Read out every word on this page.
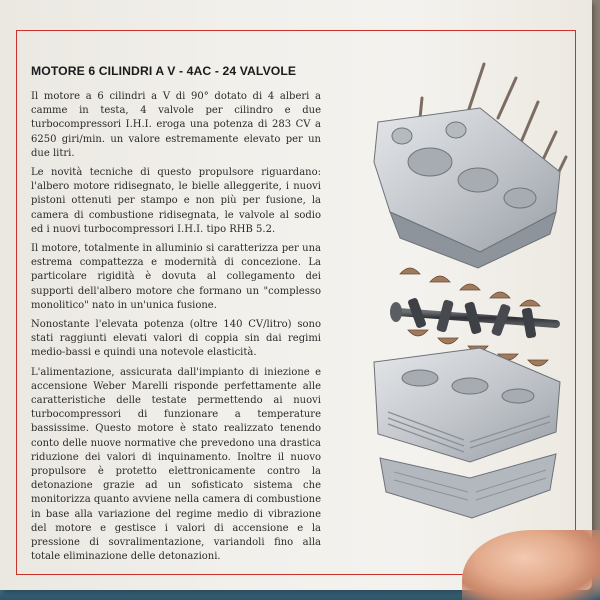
MOTORE 6 CILINDRI A V - 4AC - 24 VALVOLE

Il motore a 6 cilindri a V di 90° dotato di 4 alberi a camme in testa, 4 valvole per cilindro e due turbocompressori I.H.I. eroga una potenza di 283 CV a 6250 giri/min. un valore estremamente elevato per un due litri.

Le novità tecniche di questo propulsore riguardano: l'albero motore ridisegnato, le bielle alleggerite, i nuovi pistoni ottenuti per stampo e non più per fusione, la camera di combustione ridisegnata, le valvole al sodio ed i nuovi turbocompressori I.H.I. tipo RHB 5.2.

Il motore, totalmente in alluminio si caratterizza per una estrema compattezza e modernità di concezione. La particolare rigidità è dovuta al collegamento dei supporti dell'albero motore che formano un "complesso monolitico" nato in un'unica fusione.

Nonostante l'elevata potenza (oltre 140 CV/litro) sono stati raggiunti elevati valori di coppia sin dai regimi medio-bassi e quindi una notevole elasticità.

L'alimentazione, assicurata dall'impianto di iniezione e accensione Weber Marelli risponde perfettamente alle caratteristiche delle testate permettendo ai nuovi turbocompressori di funzionare a temperature bassissime. Questo motore è stato realizzato tenendo conto delle nuove normative che prevedono una drastica riduzione dei valori di inquinamento. Inoltre il nuovo propulsore è protetto elettronicamente contro la detonazione grazie ad un sofisticato sistema che monitorizza quanto avviene nella camera di combustione in base alla variazione del regime medio di vibrazione del motore e gestisce i valori di accensione e la pressione di sovralimentazione, variandoli fino alla totale eliminazione delle detonazioni.
